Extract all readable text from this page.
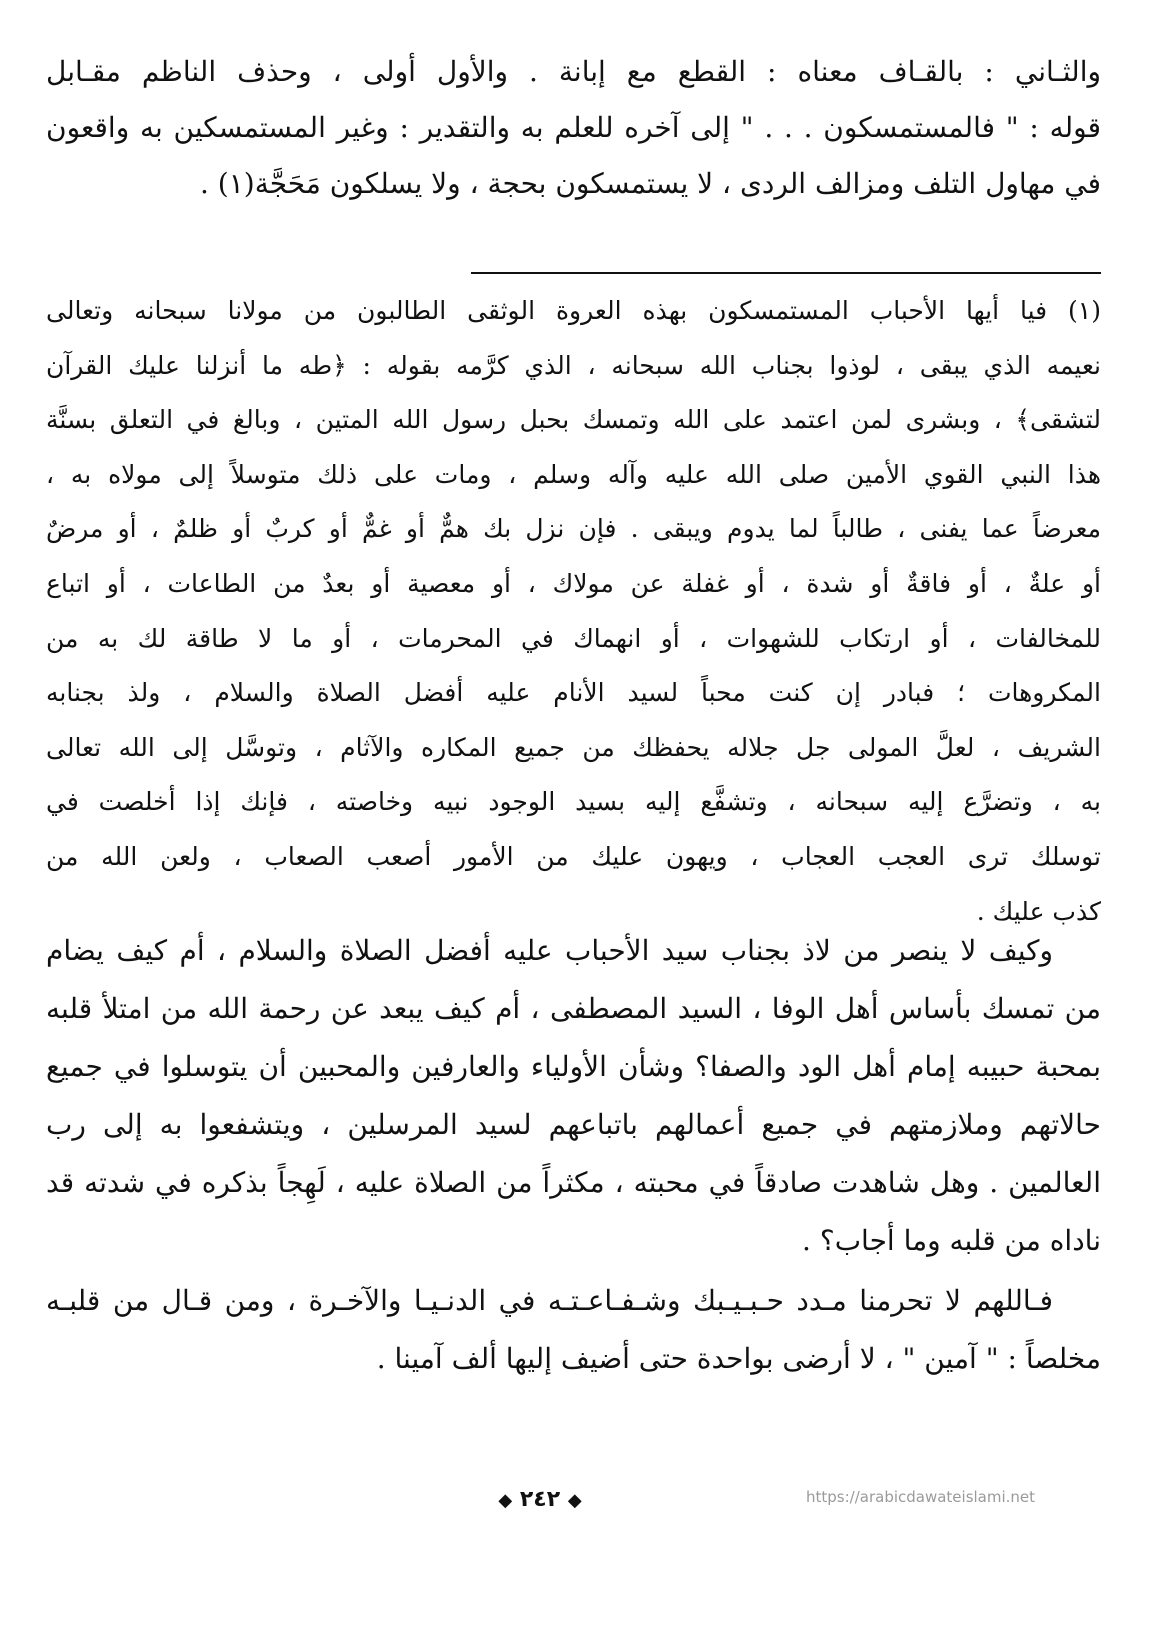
والثـاني : بالقـاف معناه : القطع مع إبانة . والأول أولى ، وحذف الناظم مقـابل
قوله : " فالمستمسكون . . . " إلى آخره للعلم به والتقدير : وغير المستمسكين به واقعون
في مهاول التلف ومزالف الردى ، لا يستمسكون بحجة ، ولا يسلكون مَحَجَّة(١) .
(١) فيا أيها الأحباب المستمسكون بهذه العروة الوثقى الطالبون من مولانا سبحانه وتعالى
نعيمه الذي يبقى ، لوذوا بجناب الله سبحانه ، الذي كرَّمه بقوله : ﴿طه ما أنزلنا عليك القرآن
لتشقى﴾ ، وبشرى لمن اعتمد على الله وتمسك بحبل رسول الله المتين ، وبالغ في التعلق بسنَّة
هذا النبي القوي الأمين صلى الله عليه وآله وسلم ، ومات على ذلك متوسلاً إلى مولاه به ،
معرضاً عما يفنى ، طالباً لما يدوم ويبقى . فإن نزل بك همٌّ أو غمٌّ أو كربٌ أو ظلمٌ ، أو مرضٌ
أو علةٌ ، أو فاقةٌ أو شدة ، أو غفلة عن مولاك ، أو معصية أو بعدٌ من الطاعات ، أو اتباع
للمخالفات ، أو ارتكاب للشهوات ، أو انهماك في المحرمات ، أو ما لا طاقة لك به من
المكروهات ؛ فبادر إن كنت محباً لسيد الأنام عليه أفضل الصلاة والسلام ، ولذ بجنابه
الشريف ، لعلَّ المولى جل جلاله يحفظك من جميع المكاره والآثام ، وتوسَّل إلى الله تعالى
به ، وتضرَّع إليه سبحانه ، وتشفَّع إليه بسيد الوجود نبيه وخاصته ، فإنك إذا أخلصت في
توسلك ترى العجب العجاب ، ويهون عليك من الأمور أصعب الصعاب ، ولعن الله من
كذب عليك .
وكيف لا ينصر من لاذ بجناب سيد الأحباب عليه أفضل الصلاة والسلام ، أم كيف يضام
من تمسك بأساس أهل الوفا ، السيد المصطفى ، أم كيف يبعد عن رحمة الله من امتلأ قلبه
بمحبة حبيبه إمام أهل الود والصفا؟ وشأن الأولياء والعارفين والمحبين أن يتوسلوا في جميع
حالاتهم وملازمتهم في جميع أعمالهم باتباعهم لسيد المرسلين ، ويتشفعوا به إلى رب
العالمين . وهل شاهدت صادقاً في محبته ، مكثراً من الصلاة عليه ، لَهِجاً بذكره في شدته قد
ناداه من قلبه وما أجاب؟ .
فـاللهم لا تحرمنا مـدد حـبـيـبك وشـفـاعـتـه في الدنـيـا والآخـرة ، ومن قـال من قلبـه
مخلصاً : " آمين " ، لا أرضى بواحدة حتى أضيف إليها ألف آمينا .
◆ ٢٤٢ ◆	https://arabicdawateislami.net
